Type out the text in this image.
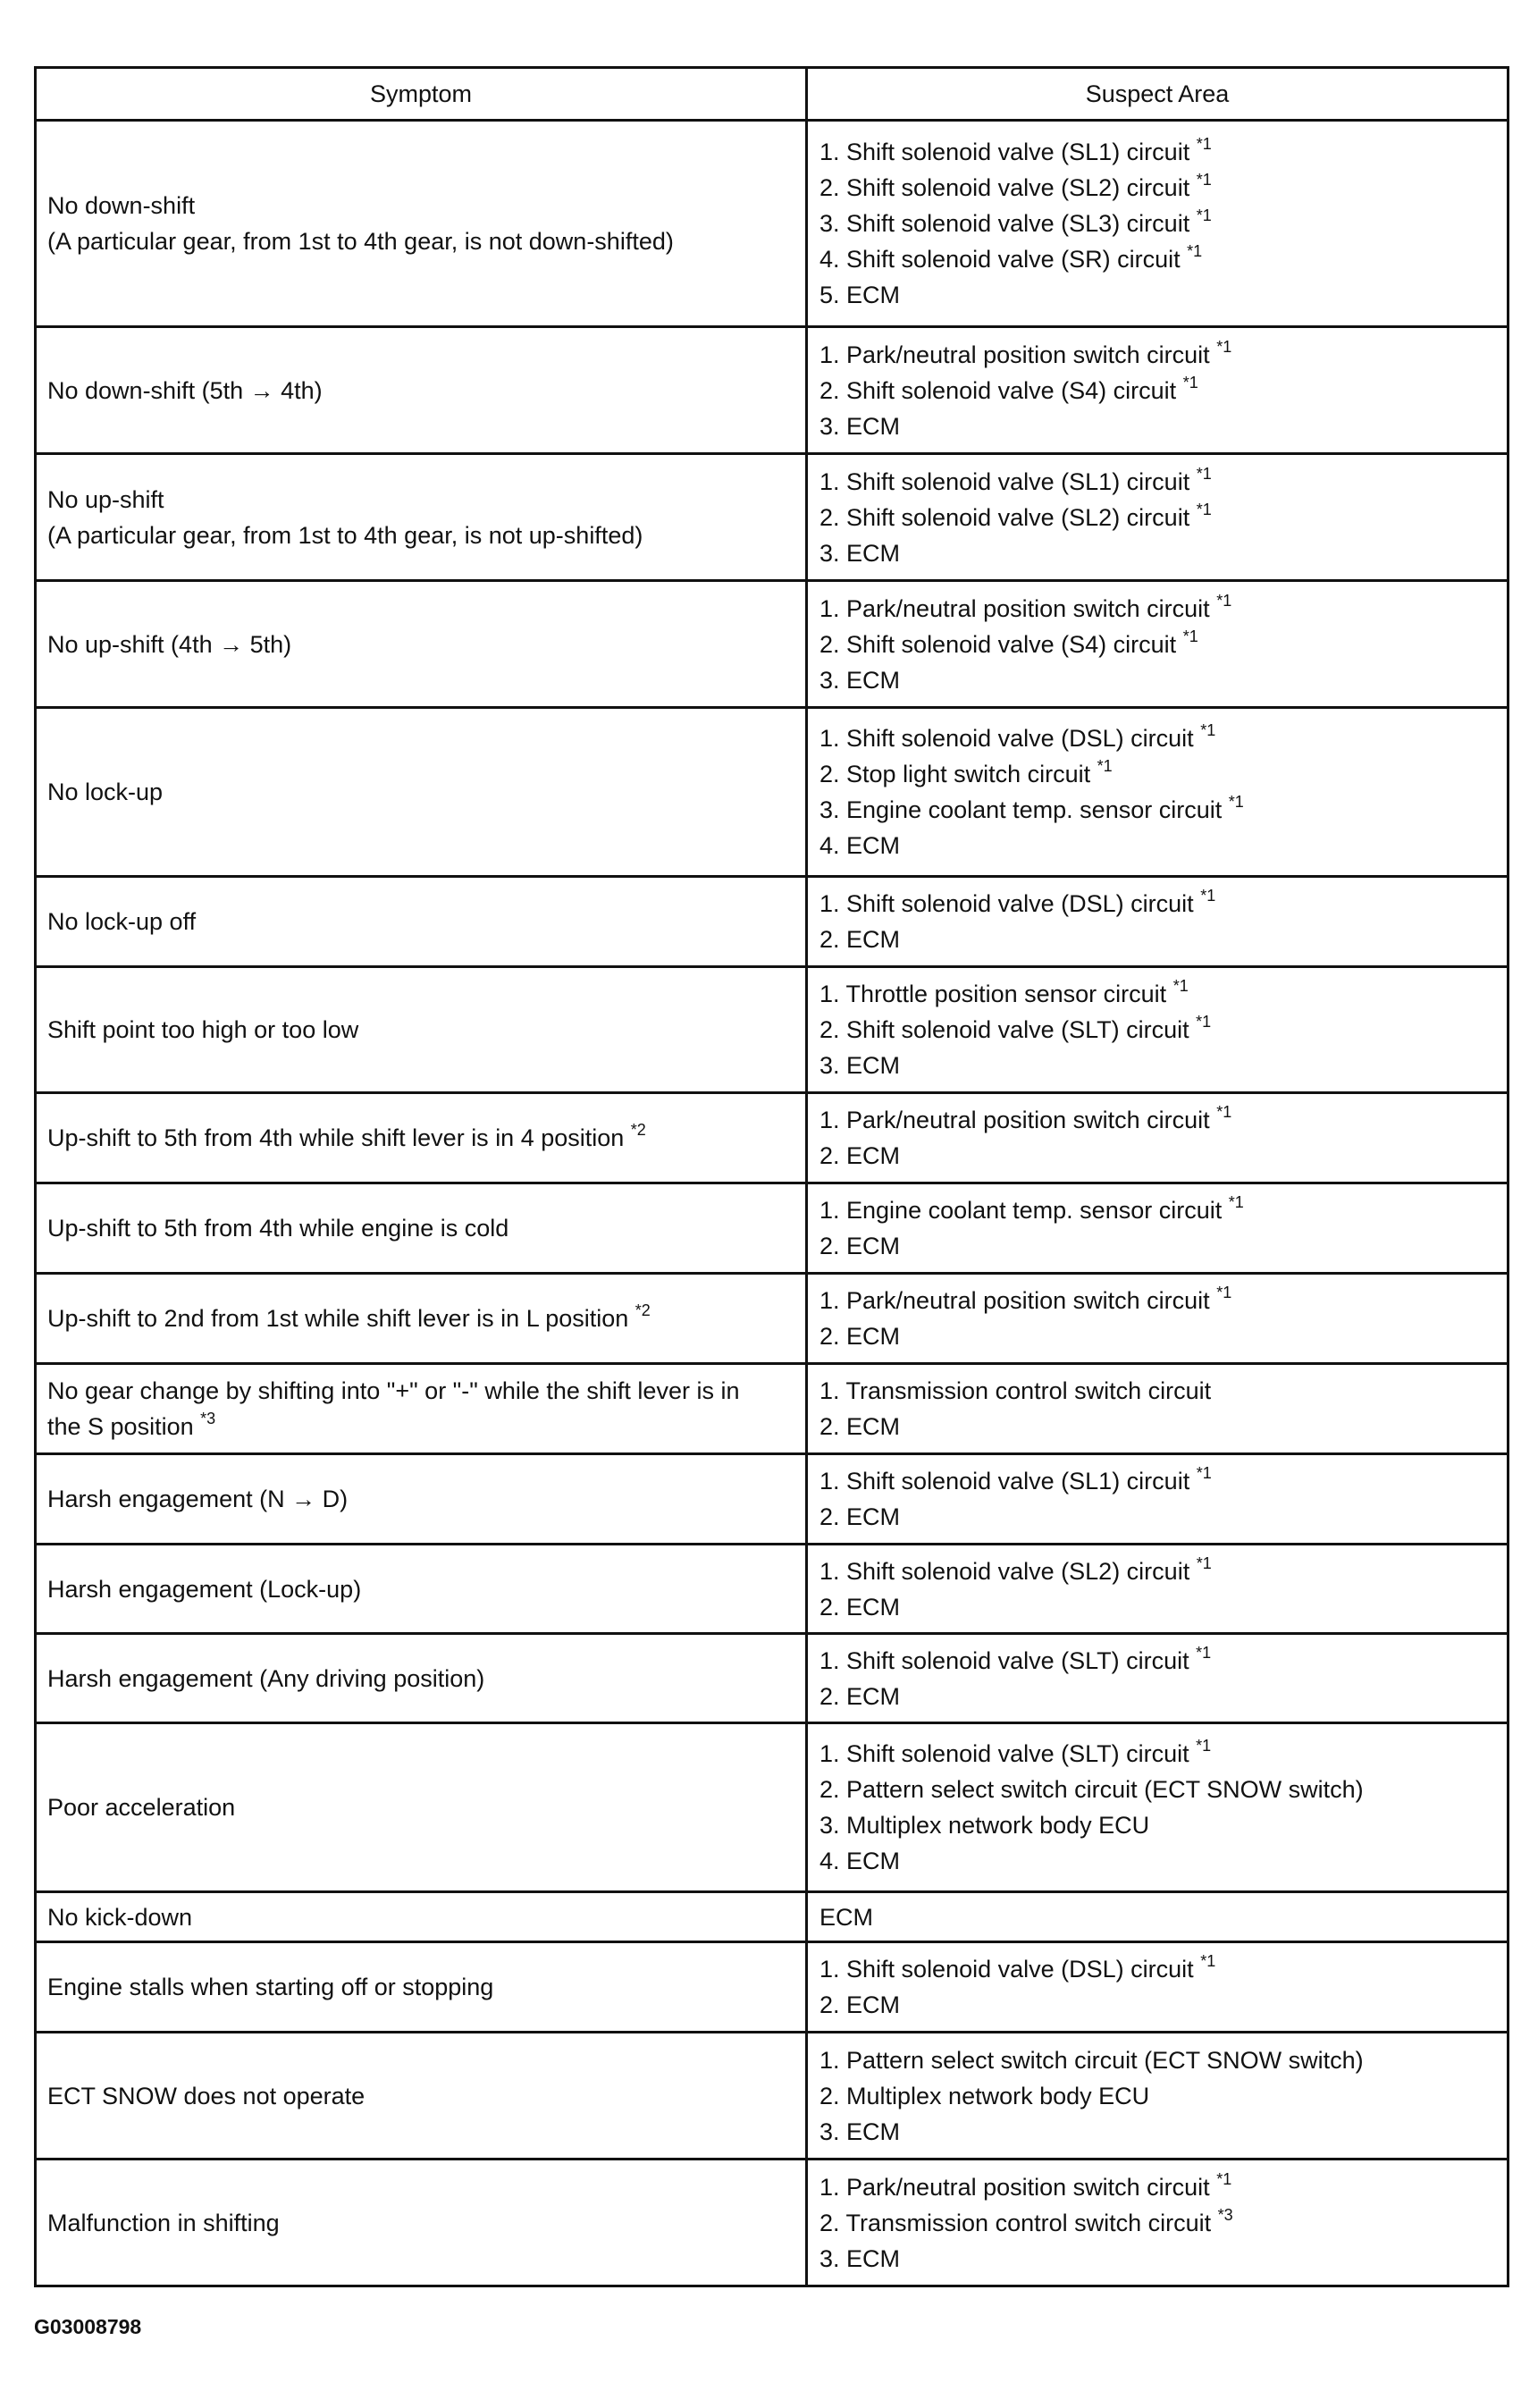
Symptom	Suspect Area

No down-shift
(A particular gear, from 1st to 4th gear, is not down-shifted)	1. Shift solenoid valve (SL1) circuit $^{*1}$
2. Shift solenoid valve (SL2) circuit $^{*1}$
3. Shift solenoid valve (SL3) circuit $^{*1}$
4. Shift solenoid valve (SR) circuit $^{*1}$
5. ECM

No down-shift (5th → 4th)	1. Park/neutral position switch circuit $^{*1}$
2. Shift solenoid valve (S4) circuit $^{*1}$
3. ECM

No up-shift
(A particular gear, from 1st to 4th gear, is not up-shifted)	1. Shift solenoid valve (SL1) circuit $^{*1}$
2. Shift solenoid valve (SL2) circuit $^{*1}$
3. ECM

No up-shift (4th → 5th)	1. Park/neutral position switch circuit $^{*1}$
2. Shift solenoid valve (S4) circuit $^{*1}$
3. ECM

No lock-up	1. Shift solenoid valve (DSL) circuit $^{*1}$
2. Stop light switch circuit $^{*1}$
3. Engine coolant temp. sensor circuit $^{*1}$
4. ECM

No lock-up off	1. Shift solenoid valve (DSL) circuit $^{*1}$
2. ECM

Shift point too high or too low	1. Throttle position sensor circuit $^{*1}$
2. Shift solenoid valve (SLT) circuit $^{*1}$
3. ECM

Up-shift to 5th from 4th while shift lever is in 4 position $^{*2}$	1. Park/neutral position switch circuit $^{*1}$
2. ECM

Up-shift to 5th from 4th while engine is cold	1. Engine coolant temp. sensor circuit $^{*1}$
2. ECM

Up-shift to 2nd from 1st while shift lever is in L position $^{*2}$	1. Park/neutral position switch circuit $^{*1}$
2. ECM

No gear change by shifting into "+" or "-" while the shift lever is in
the S position $^{*3}$	1. Transmission control switch circuit
2. ECM

Harsh engagement (N → D)	1. Shift solenoid valve (SL1) circuit $^{*1}$
2. ECM

Harsh engagement (Lock-up)	1. Shift solenoid valve (SL2) circuit $^{*1}$
2. ECM

Harsh engagement (Any driving position)	1. Shift solenoid valve (SLT) circuit $^{*1}$
2. ECM

Poor acceleration	1. Shift solenoid valve (SLT) circuit $^{*1}$
2. Pattern select switch circuit (ECT SNOW switch)
3. Multiplex network body ECU
4. ECM

No kick-down	ECM

Engine stalls when starting off or stopping	1. Shift solenoid valve (DSL) circuit $^{*1}$
2. ECM

ECT SNOW does not operate	1. Pattern select switch circuit (ECT SNOW switch)
2. Multiplex network body ECU
3. ECM

Malfunction in shifting	1. Park/neutral position switch circuit $^{*1}$
2. Transmission control switch circuit $^{*3}$
3. ECM
G03008798
